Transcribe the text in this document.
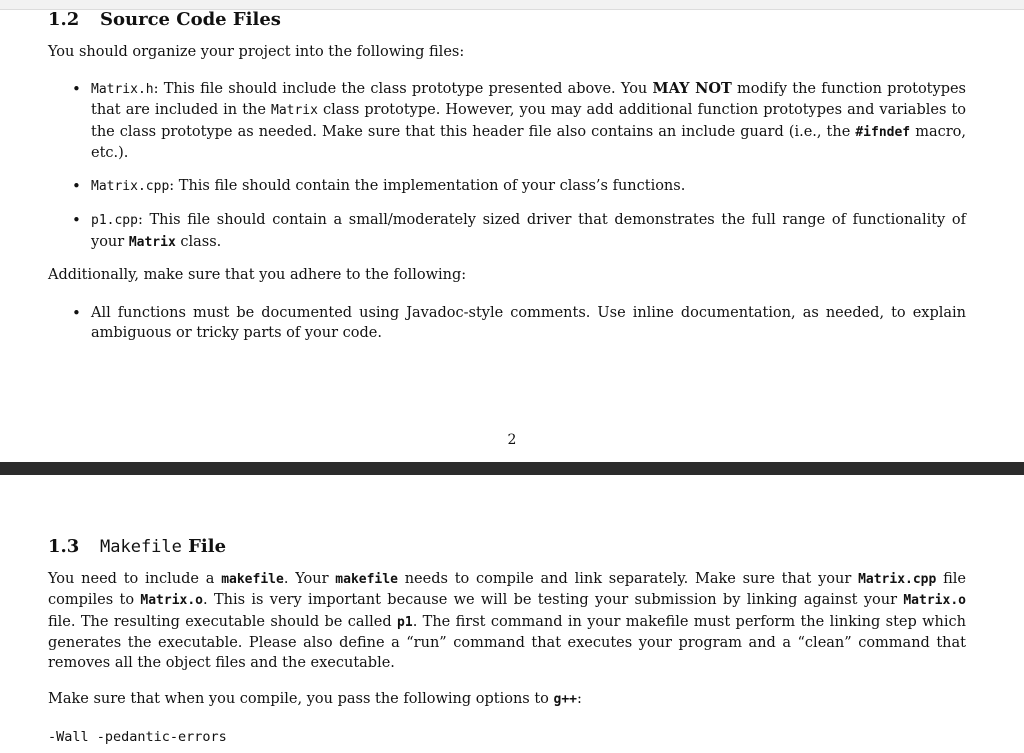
1.2 Source Code Files

You should organize your project into the following files:

• Matrix.h: This file should include the class prototype presented above. You MAY NOT modify the function prototypes that are included in the Matrix class prototype. However, you may add additional function prototypes and variables to the class prototype as needed. Make sure that this header file also contains an include guard (i.e., the #ifndef macro, etc.).
• Matrix.cpp: This file should contain the implementation of your class’s functions.
• p1.cpp: This file should contain a small/moderately sized driver that demonstrates the full range of functionality of your Matrix class.

Additionally, make sure that you adhere to the following:

• All functions must be documented using Javadoc-style comments. Use inline documentation, as needed, to explain ambiguous or tricky parts of your code.
2
1.3 Makefile File

You need to include a makefile. Your makefile needs to compile and link separately. Make sure that your Matrix.cpp file compiles to Matrix.o. This is very important because we will be testing your submission by linking against your Matrix.o file. The resulting executable should be called p1. The first command in your makefile must perform the linking step which generates the executable. Please also define a “run” command that executes your program and a “clean” command that removes all the object files and the executable.

Make sure that when you compile, you pass the following options to g++:

-Wall -pedantic-errors
